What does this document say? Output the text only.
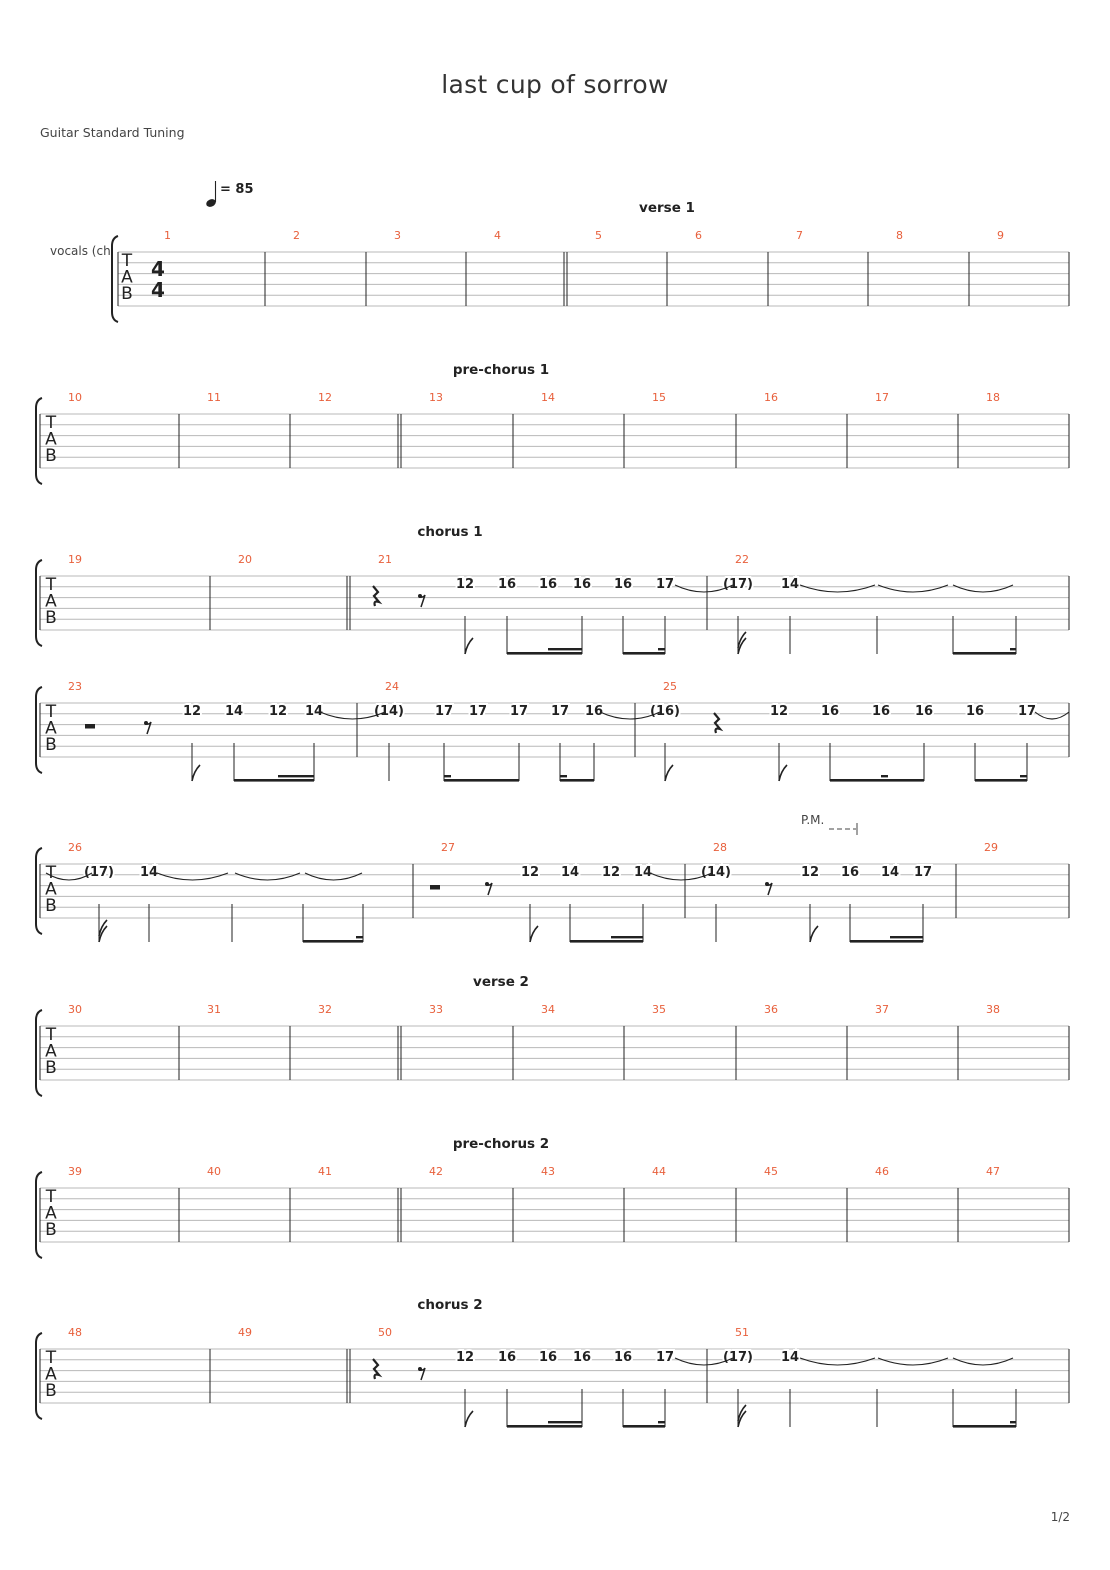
last cup of sorrow
Guitar Standard Tuning
= 85
vocals (ch T
A
B
4
4
1	2	3	4	5	6	7	8	9
verse 1
T
A
B
10	11	12	13	14	15	16	17	18
pre-chorus 1
T
A
B
19	20	21	22
chorus 1
12 16 16 16 16 17	(17) 14
T
A
B
23	24	25
12 14 12 14	(14) 17 17 17 17 16	(16)	12	16	16 16	16	17
T
A
B
26	27	28	29
P.M.
(17) 14	12 14 12 14	(14)	12 16 14 17
T
A
B
30	31	32	33	34	35	36	37	38
verse 2
T
A
B
39	40	41	42	43	44	45	46	47
pre-chorus 2
T
A
B
48	49	50	51
chorus 2
12 16 16 16 16 17	(17) 14
1/2
